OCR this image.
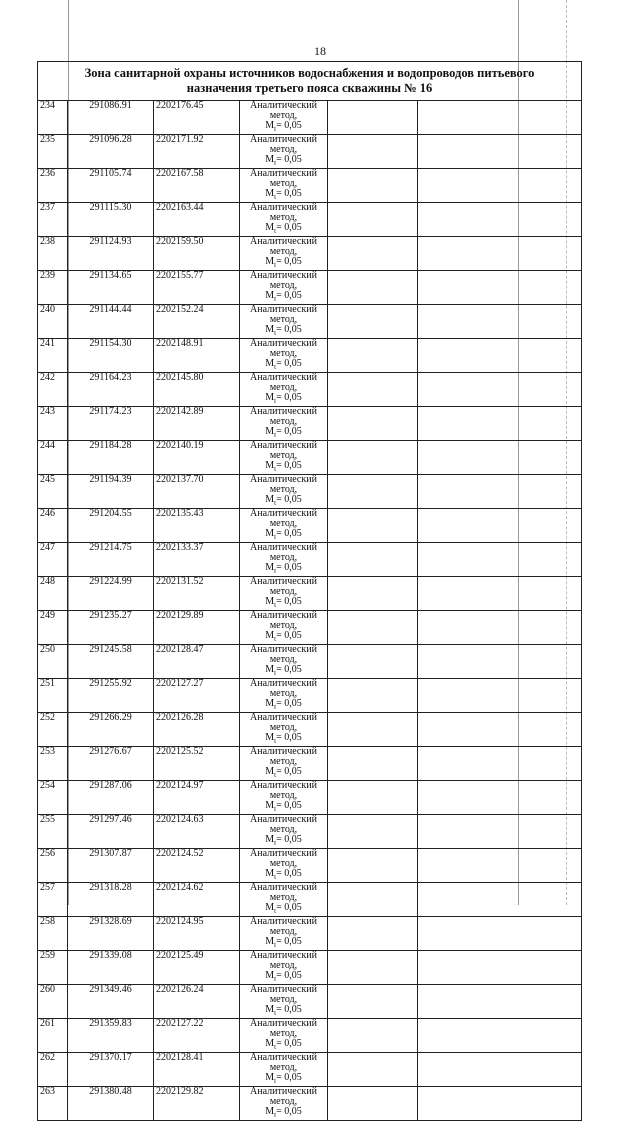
18
Зона санитарной охраны источников водоснабжения и водопроводов питьевого
назначения третьего пояса скважины № 16					
234	291086.91	2202176.45	Аналитический метод,
$M_t= 0,05$		

235	291096.28	2202171.92	Аналитический метод,
$M_t= 0,05$		

236	291105.74	2202167.58	Аналитический метод,
$M_t= 0,05$		

237	291115.30	2202163.44	Аналитический метод,
$M_t= 0,05$		

238	291124.93	2202159.50	Аналитический метод,
$M_t= 0,05$		

239	291134.65	2202155.77	Аналитический метод,
$M_t= 0,05$		

240	291144.44	2202152.24	Аналитический метод,
$M_t= 0,05$		

241	291154.30	2202148.91	Аналитический метод,
$M_t= 0,05$		

242	291164.23	2202145.80	Аналитический метод,
$M_t= 0,05$		

243	291174.23	2202142.89	Аналитический метод,
$M_t= 0,05$		

244	291184.28	2202140.19	Аналитический метод,
$M_t= 0,05$		

245	291194.39	2202137.70	Аналитический метод,
$M_t= 0,05$		

246	291204.55	2202135.43	Аналитический метод,
$M_t= 0,05$		

247	291214.75	2202133.37	Аналитический метод,
$M_t= 0,05$		

248	291224.99	2202131.52	Аналитический метод,
$M_t= 0,05$		

249	291235.27	2202129.89	Аналитический метод,
$M_t= 0,05$		

250	291245.58	2202128.47	Аналитический метод,
$M_t= 0,05$		

251	291255.92	2202127.27	Аналитический метод,
$M_t= 0,05$		

252	291266.29	2202126.28	Аналитический метод,
$M_t= 0,05$		

253	291276.67	2202125.52	Аналитический метод,
$M_t= 0,05$		

254	291287.06	2202124.97	Аналитический метод,
$M_t= 0,05$		

255	291297.46	2202124.63	Аналитический метод,
$M_t= 0,05$		

256	291307.87	2202124.52	Аналитический метод,
$M_t= 0,05$		

257	291318.28	2202124.62	Аналитический метод,
$M_t= 0,05$		

258	291328.69	2202124.95	Аналитический метод,
$M_t= 0,05$		

259	291339.08	2202125.49	Аналитический метод,
$M_t= 0,05$		

260	291349.46	2202126.24	Аналитический метод,
$M_t= 0,05$		

261	291359.83	2202127.22	Аналитический метод,
$M_t= 0,05$		

262	291370.17	2202128.41	Аналитический метод,
$M_t= 0,05$		

263	291380.48	2202129.82	Аналитический метод,
$M_t= 0,05$		
